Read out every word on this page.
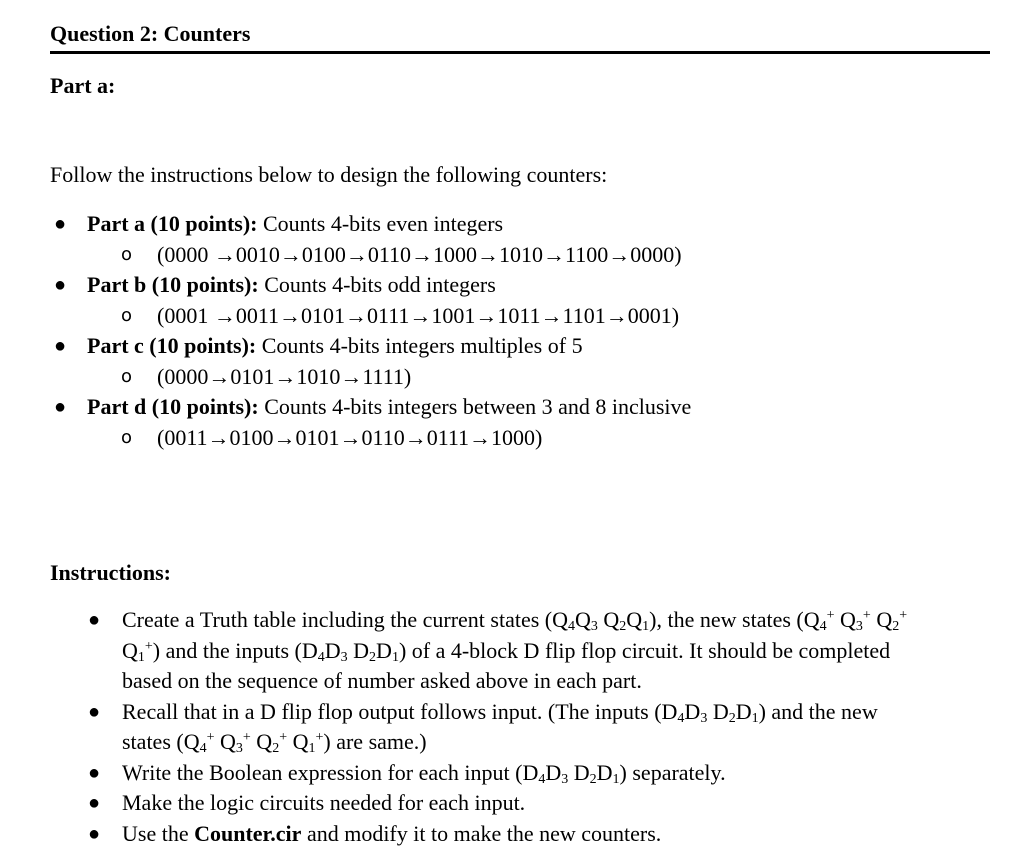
Question 2: Counters
Part a:
Follow the instructions below to design the following counters:
● Part a (10 points): Counts 4-bits even integers
o (0000 →0010→0100→0110→1000→1010→1100→0000)
● Part b (10 points): Counts 4-bits odd integers
o (0001 →0011→0101→0111→1001→1011→1101→0001)
● Part c (10 points): Counts 4-bits integers multiples of 5
o (0000→0101→1010→1111)
● Part d (10 points): Counts 4-bits integers between 3 and 8 inclusive
o (0011→0100→0101→0110→0111→1000)
Instructions:
● Create a Truth table including the current states ($Q_4Q_3$ $Q_2Q_1$), the new states ($Q_4^+$ $Q_3^+$ $Q_2^+$
$Q_1^+$) and the inputs ($D_4D_3$ $D_2D_1$) of a 4-block D flip flop circuit. It should be completed
based on the sequence of number asked above in each part.
● Recall that in a D flip flop output follows input. (The inputs ($D_4D_3$ $D_2D_1$) and the new
states ($Q_4^+$ $Q_3^+$ $Q_2^+$ $Q_1^+$) are same.)
● Write the Boolean expression for each input ($D_4D_3$ $D_2D_1$) separately.
● Make the logic circuits needed for each input.
● Use the Counter.cir and modify it to make the new counters.
